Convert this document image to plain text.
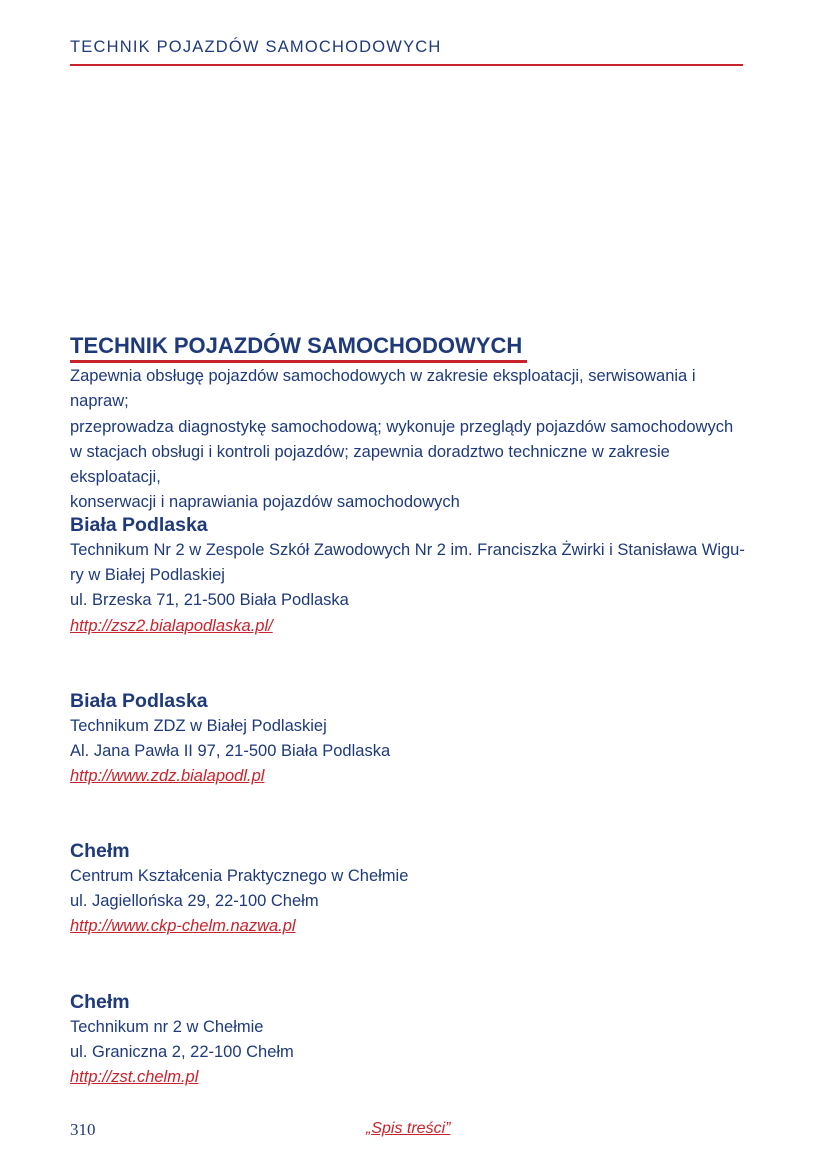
TECHNIK POJAZDÓW SAMOCHODOWYCH
TECHNIK POJAZDÓW SAMOCHODOWYCH
Zapewnia obsługę pojazdów samochodowych w zakresie eksploatacji, serwisowania i napraw;
przeprowadza diagnostykę samochodową; wykonuje przeglądy pojazdów samochodowych
w stacjach obsługi i kontroli pojazdów; zapewnia doradztwo techniczne w zakresie eksploatacji,
konserwacji i naprawiania pojazdów samochodowych
Biała Podlaska
Technikum Nr 2 w Zespole Szkół Zawodowych Nr 2 im. Franciszka Żwirki i Stanisława Wigu-
ry w Białej Podlaskiej
ul. Brzeska 71, 21-500 Biała Podlaska
http://zsz2.bialapodlaska.pl/
Biała Podlaska
Technikum ZDZ w Białej Podlaskiej
Al. Jana Pawła II 97, 21-500 Biała Podlaska
http://www.zdz.bialapodl.pl
Chełm
Centrum Kształcenia Praktycznego w Chełmie
ul. Jagiellońska 29, 22-100 Chełm
http://www.ckp-chelm.nazwa.pl
Chełm
Technikum nr 2 w Chełmie
ul. Graniczna 2, 22-100 Chełm
http://zst.chelm.pl
310	„Spis treści”
